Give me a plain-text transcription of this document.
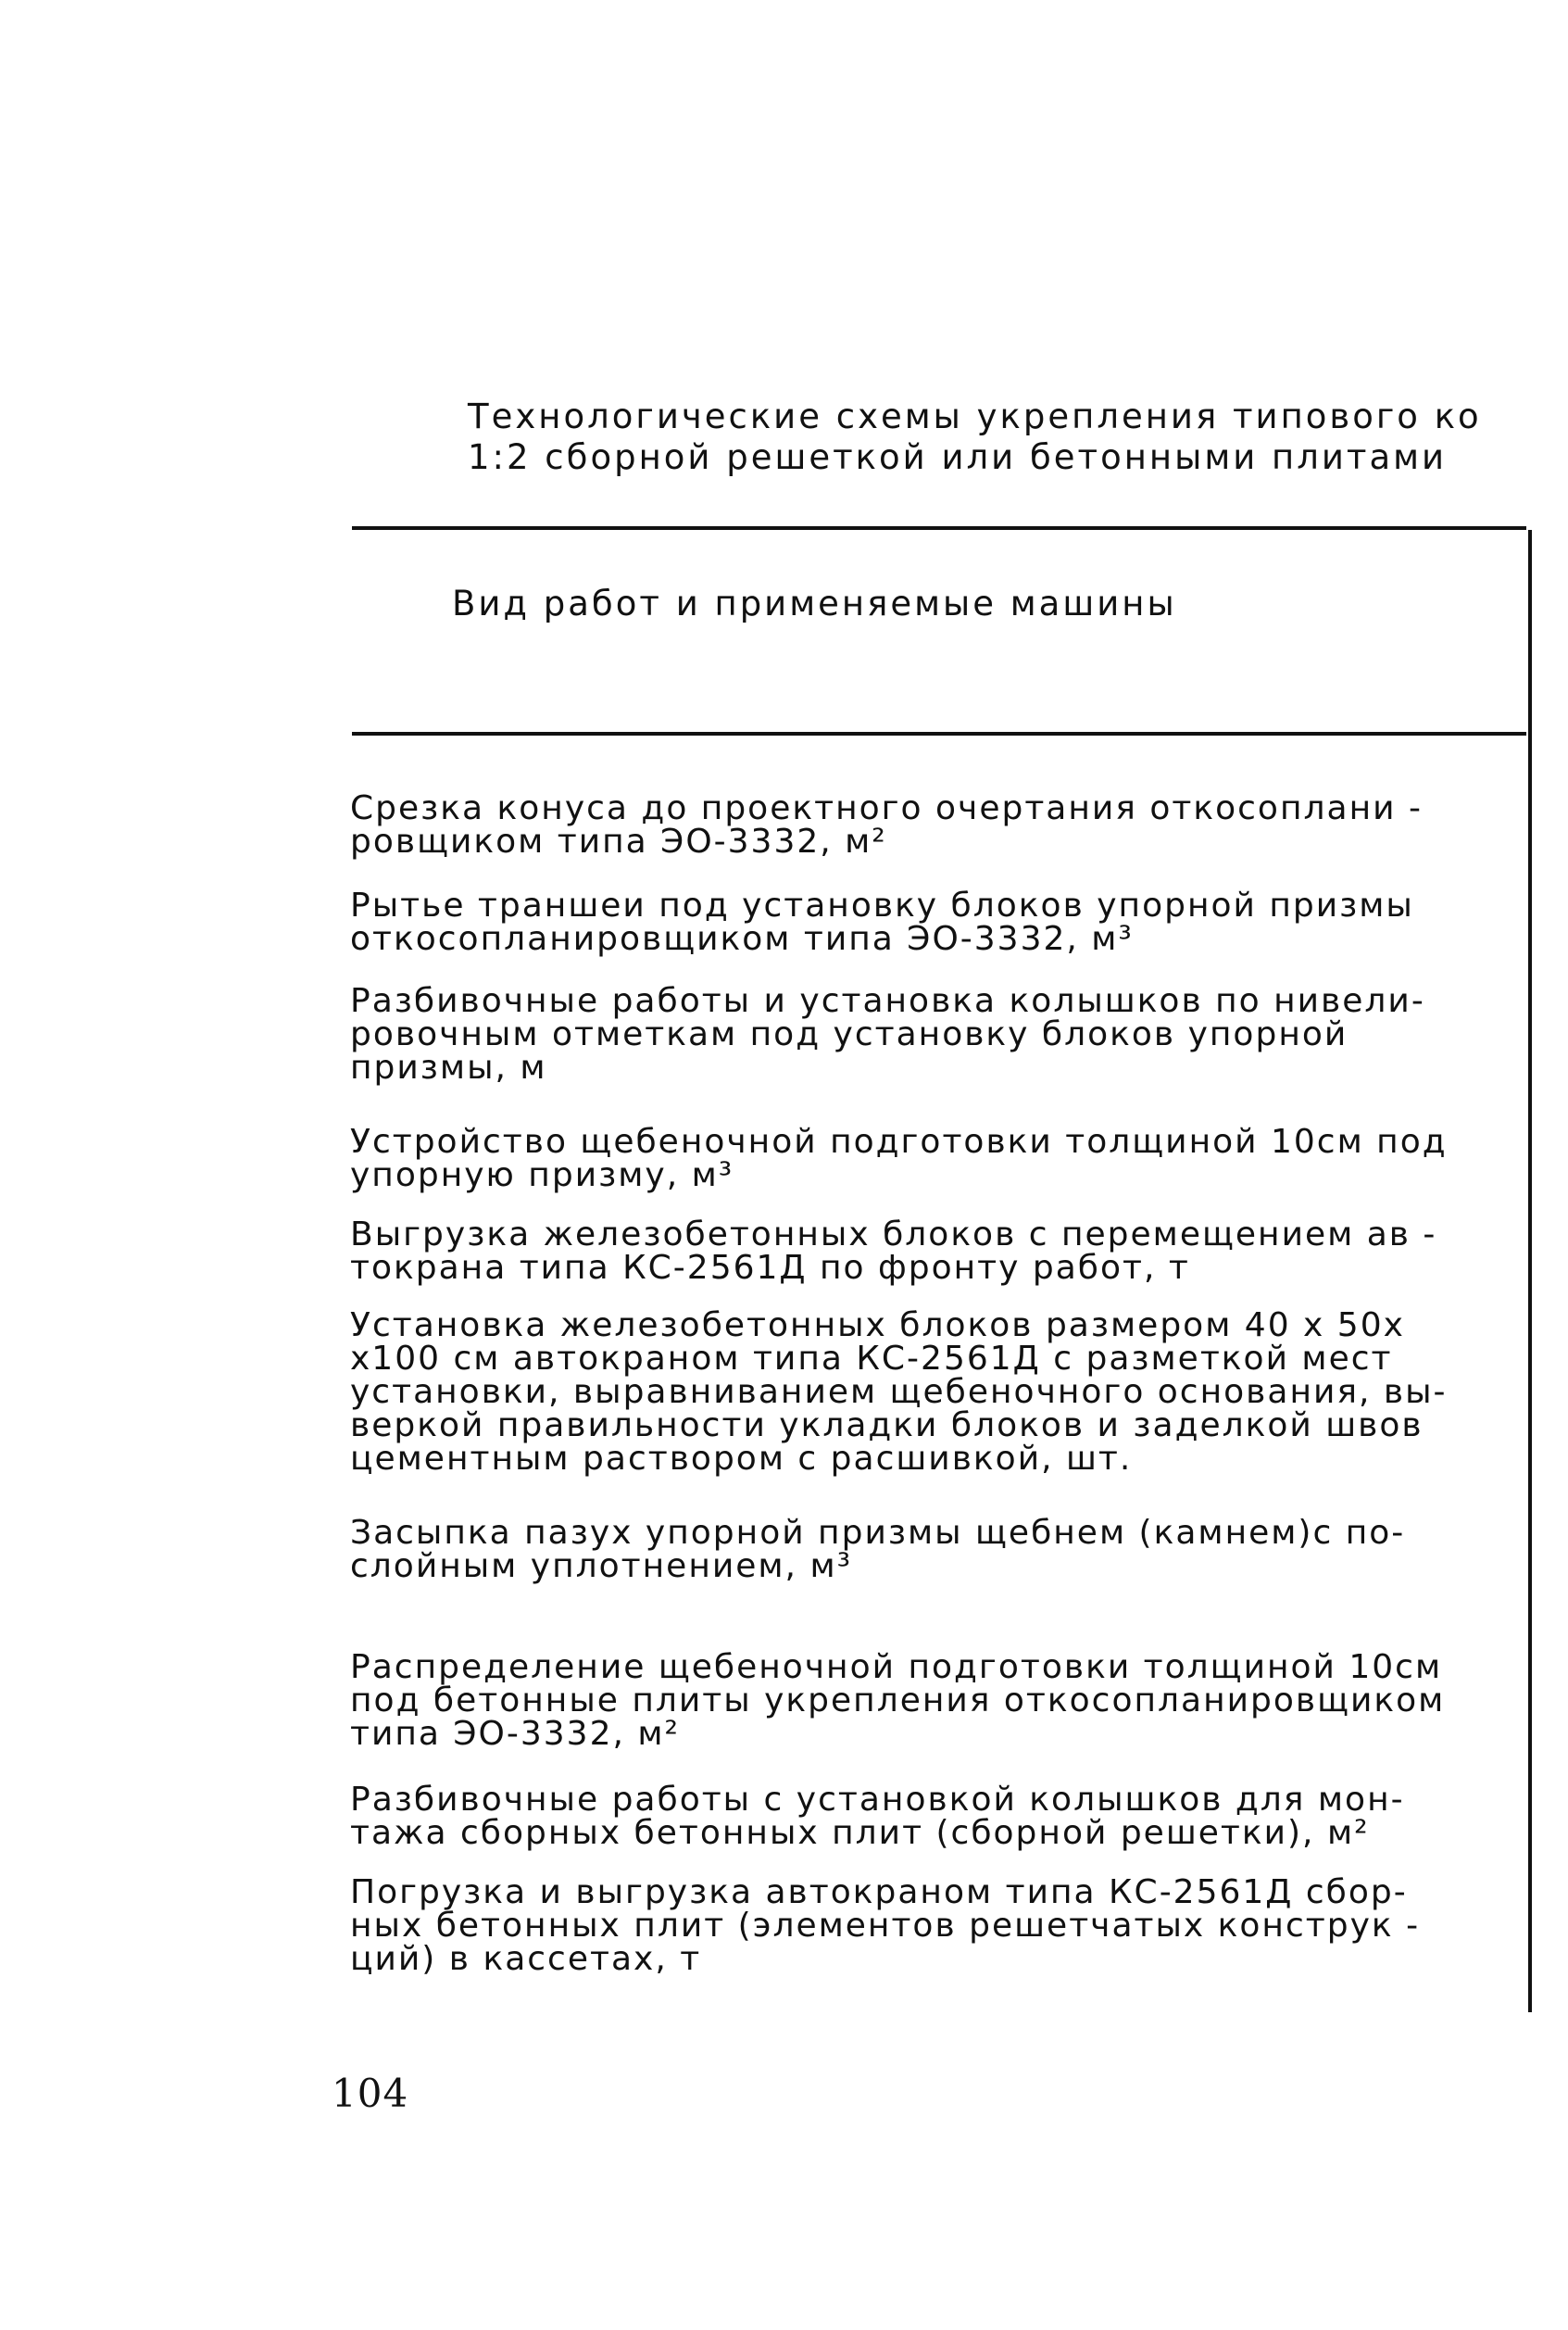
Технологические схемы укрепления типового ко
1:2 сборной решеткой или бетонными плитами
Вид работ и применяемые машины
Срезка конуса до проектного очертания откосоплани -
ровщиком типа ЭО-3332, м²
Рытье траншеи под установку блоков упорной призмы
откосопланировщиком типа ЭО-3332, м³
Разбивочные работы и установка колышков по нивели-
ровочным отметкам под установку блоков упорной
призмы, м
Устройство щебеночной подготовки толщиной 10см под
упорную призму, м³
Выгрузка железобетонных блоков с перемещением ав -
токрана типа КС-2561Д по фронту работ, т
Установка железобетонных блоков размером 40 x 50x
x100 см автокраном типа КС-2561Д с разметкой мест
установки, выравниванием щебеночного основания, вы-
веркой правильности укладки блоков и заделкой швов
цементным раствором с расшивкой, шт.
Засыпка пазух упорной призмы щебнем (камнем)с по-
слойным уплотнением, м³
Распределение щебеночной подготовки толщиной 10см
под бетонные плиты укрепления откосопланировщиком
типа ЭО-3332, м²
Разбивочные работы с установкой колышков для мон-
тажа сборных бетонных плит (сборной решетки), м²
Погрузка и выгрузка автокраном типа КС-2561Д сбор-
ных бетонных плит (элементов решетчатых конструк -
ций) в кассетах, т
104
